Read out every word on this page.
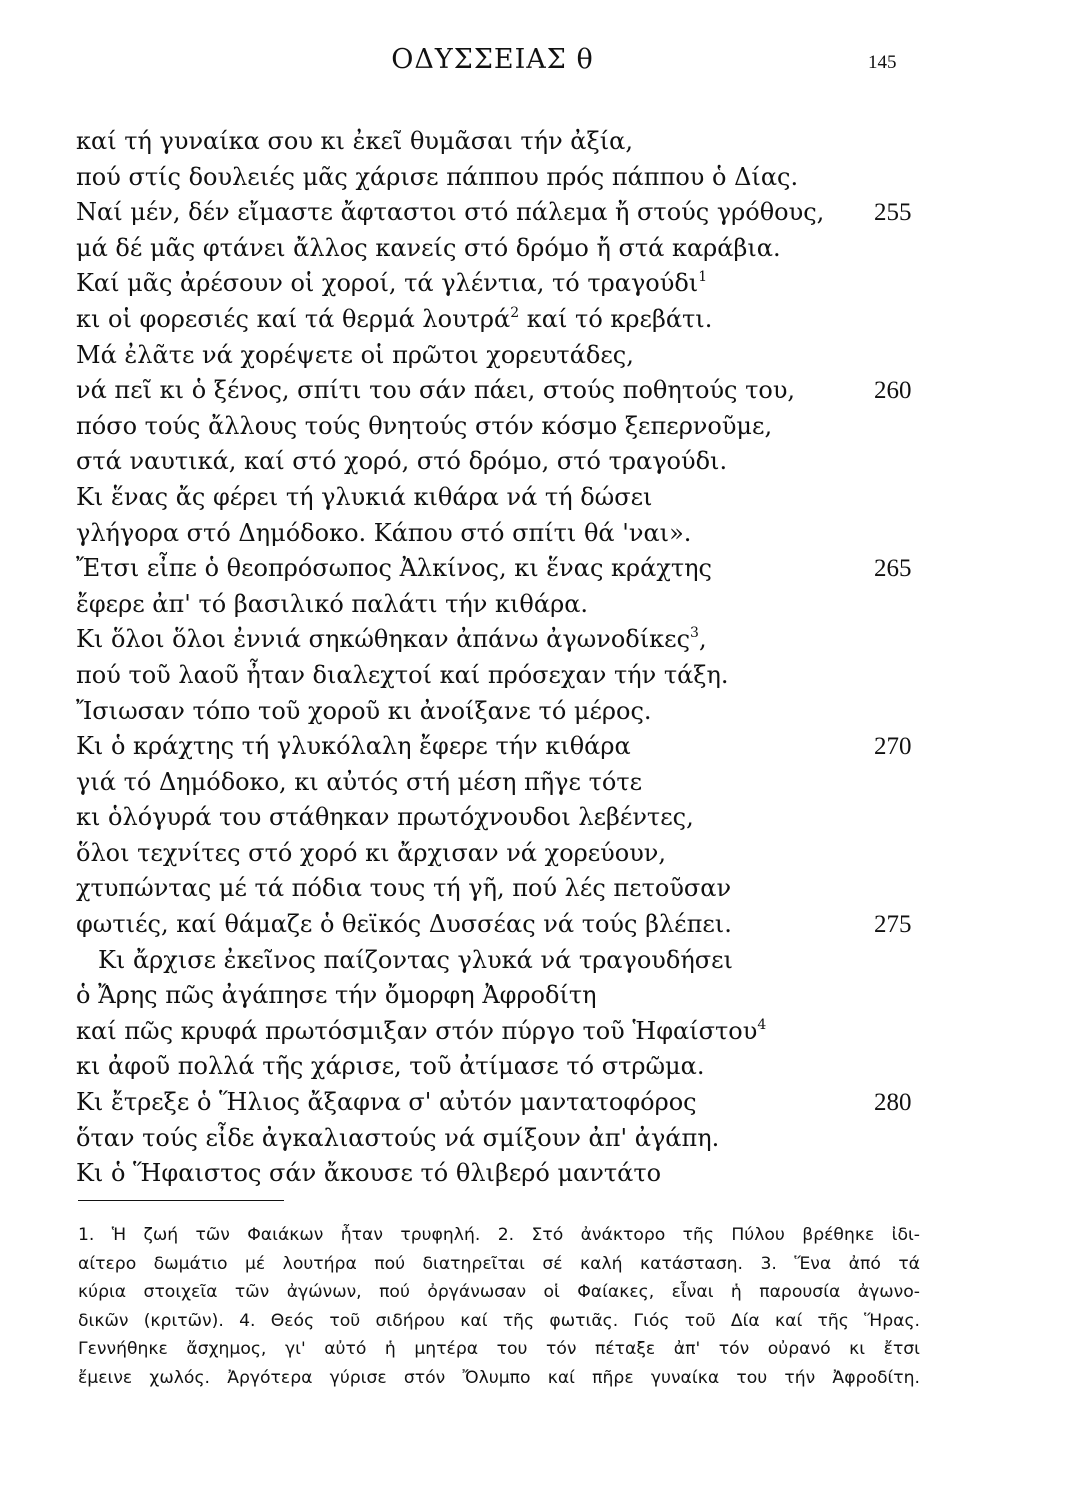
ΟΔΥΣΣΕΙΑΣ θ	145
καί τή γυναίκα σου κι ἐκεῖ θυμᾶσαι τήν ἀξία,
πού στίς δουλειές μᾶς χάρισε πάππου πρός πάππου ὁ Δίας.
Ναί μέν, δέν εἴμαστε ἄφταστοι στό πάλεμα ἤ στούς γρόθους, 255
μά δέ μᾶς φτάνει ἄλλος κανείς στό δρόμο ἤ στά καράβια.
Καί μᾶς ἀρέσουν οἱ χοροί, τά γλέντια, τό τραγούδι$^1$
κι οἱ φορεσιές καί τά θερμά λουτρά$^2$ καί τό κρεβάτι.
Μά ἐλᾶτε νά χορέψετε οἱ πρῶτοι χορευτάδες,
νά πεῖ κι ὁ ξένος, σπίτι του σάν πάει, στούς ποθητούς του,	260
πόσο τούς ἄλλους τούς θνητούς στόν κόσμο ξεπερνοῦμε,
στά ναυτικά, καί στό χορό, στό δρόμο, στό τραγούδι.
Κι ἕνας ἄς φέρει τή γλυκιά κιθάρα νά τή δώσει
γλήγορα στό Δημόδοκο. Κάπου στό σπίτι θά 'ναι».
Ἔτσι εἶπε ὁ θεοπρόσωπος Ἀλκίνος, κι ἕνας κράχτης	265
ἔφερε ἀπ' τό βασιλικό παλάτι τήν κιθάρα.
Κι ὅλοι ὅλοι ἐννιά σηκώθηκαν ἀπάνω ἀγωνοδίκες$^3$,
πού τοῦ λαοῦ ἦταν διαλεχτοί καί πρόσεχαν τήν τάξη.
Ἴσιωσαν τόπο τοῦ χοροῦ κι ἀνοίξανε τό μέρος.
Κι ὁ κράχτης τή γλυκόλαλη ἔφερε τήν κιθάρα	270
γιά τό Δημόδοκο, κι αὐτός στή μέση πῆγε τότε
κι ὁλόγυρά του στάθηκαν πρωτόχνουδοι λεβέντες,
ὅλοι τεχνίτες στό χορό κι ἄρχισαν νά χορεύουν,
χτυπώντας μέ τά πόδια τους τή γῆ, πού λές πετοῦσαν
φωτιές, καί θάμαζε ὁ θεϊκός Δυσσέας νά τούς βλέπει.	275
Κι ἄρχισε ἐκεῖνος παίζοντας γλυκά νά τραγουδήσει
ὁ Ἄρης πῶς ἀγάπησε τήν ὄμορφη Ἀφροδίτη
καί πῶς κρυφά πρωτόσμιξαν στόν πύργο τοῦ Ἡφαίστου$^4$
κι ἀφοῦ πολλά τῆς χάρισε, τοῦ ἀτίμασε τό στρῶμα.
Κι ἔτρεξε ὁ Ἥλιος ἄξαφνα σ' αὐτόν μαντατοφόρος	280
ὅταν τούς εἶδε ἀγκαλιαστούς νά σμίξουν ἀπ' ἀγάπη.
Κι ὁ Ἥφαιστος σάν ἄκουσε τό θλιβερό μαντάτο
1. Ἡ ζωή τῶν Φαιάκων ἦταν τρυφηλή. 2. Στό ἀνάκτορο τῆς Πύλου βρέθηκε ἰδι-
αίτερο δωμάτιο μέ λουτήρα πού διατηρεῖται σέ καλή κατάσταση. 3. Ἕνα ἀπό τά
κύρια στοιχεῖα τῶν ἀγώνων, πού ὀργάνωσαν οἱ Φαίακες, εἶναι ἡ παρουσία ἀγωνο-
δικῶν (κριτῶν). 4. Θεός τοῦ σιδήρου καί τῆς φωτιᾶς. Γιός τοῦ Δία καί τῆς Ἥρας.
Γεννήθηκε ἄσχημος, γι' αὐτό ἡ μητέρα του τόν πέταξε ἀπ' τόν οὐρανό κι ἔτσι
ἔμεινε χωλός. Ἀργότερα γύρισε στόν Ὄλυμπο καί πῆρε γυναίκα του τήν Ἀφροδίτη.
